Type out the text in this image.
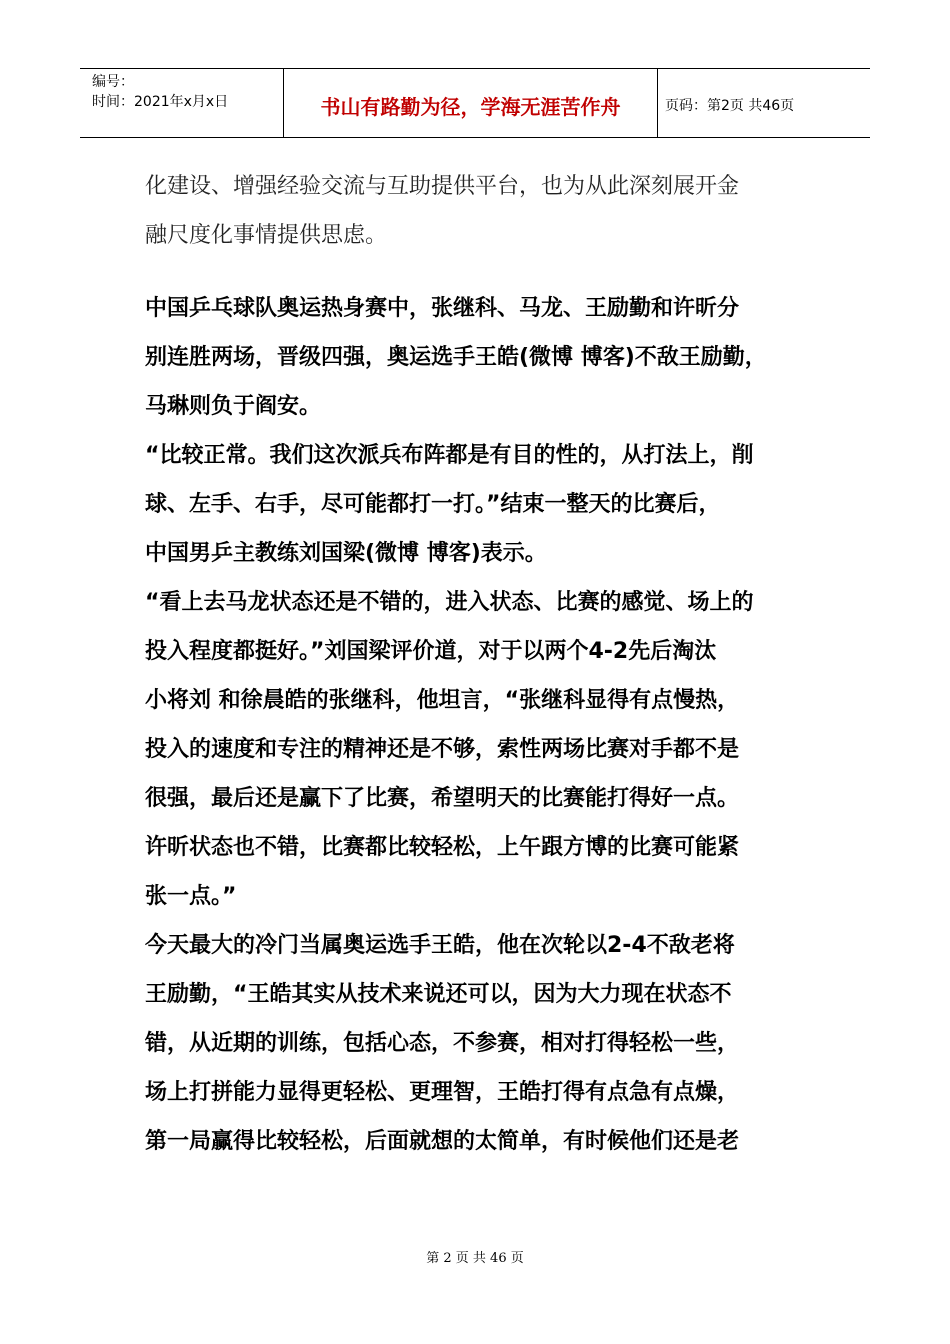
编号：
时间：2021年x月x日	书山有路勤为径，学海无涯苦作舟	页码：第2页 共46页

化建设、增强经验交流与互助提供平台，也为从此深刻展开金
融尺度化事情提供思虑。

中国乒乓球队奥运热身赛中，张继科、马龙、王励勤和许昕分
别连胜两场，晋级四强，奥运选手王皓(微博 博客)不敌王励勤，
马琳则负于阎安。
“比较正常。我们这次派兵布阵都是有目的性的，从打法上，削
球、左手、右手，尽可能都打一打。”结束一整天的比赛后，
中国男乒主教练刘国梁(微博 博客)表示。
“看上去马龙状态还是不错的，进入状态、比赛的感觉、场上的
投入程度都挺好。”刘国梁评价道，对于以两个4-2先后淘汰
小将刘 和徐晨皓的张继科，他坦言，“张继科显得有点慢热，
投入的速度和专注的精神还是不够，索性两场比赛对手都不是
很强，最后还是赢下了比赛，希望明天的比赛能打得好一点。
许昕状态也不错，比赛都比较轻松，上午跟方博的比赛可能紧
张一点。”
今天最大的冷门当属奥运选手王皓，他在次轮以2-4不敌老将
王励勤，“王皓其实从技术来说还可以，因为大力现在状态不
错，从近期的训练，包括心态，不参赛，相对打得轻松一些，
场上打拼能力显得更轻松、更理智，王皓打得有点急有点燥，
第一局赢得比较轻松，后面就想的太简单，有时候他们还是老

第 2 页 共 46 页
